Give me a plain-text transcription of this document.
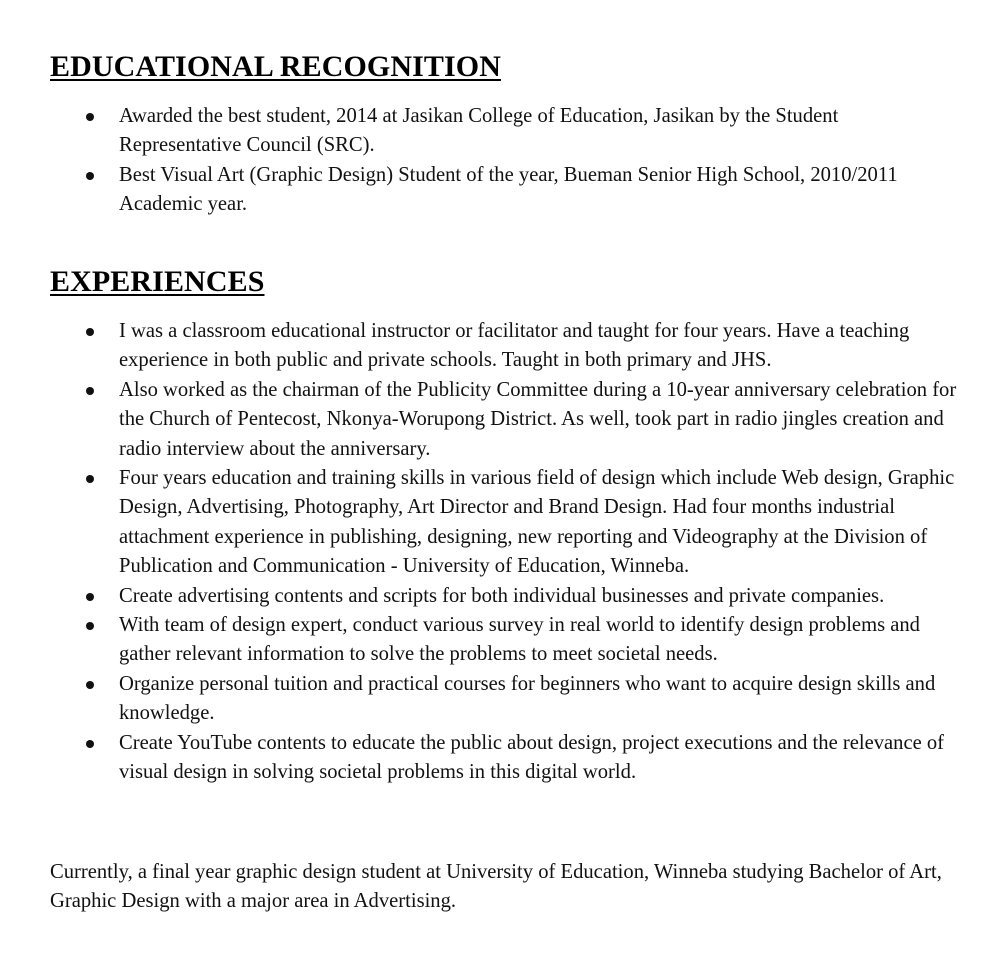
EDUCATIONAL RECOGNITION
Awarded the best student, 2014 at Jasikan College of Education, Jasikan by the Student Representative Council (SRC).
Best Visual Art (Graphic Design) Student of the year, Bueman Senior High School, 2010/2011 Academic year.
EXPERIENCES
I was a classroom educational instructor or facilitator and taught for four years. Have a teaching experience in both public and private schools. Taught in both primary and JHS.
Also worked as the chairman of the Publicity Committee during a 10-year anniversary celebration for the Church of Pentecost, Nkonya-Worupong District. As well, took part in radio jingles creation and radio interview about the anniversary.
Four years education and training skills in various field of design which include Web design, Graphic Design, Advertising, Photography, Art Director and Brand Design. Had four months industrial attachment experience in publishing, designing, new reporting and Videography at the Division of Publication and Communication - University of Education, Winneba.
Create advertising contents and scripts for both individual businesses and private companies.
With team of design expert, conduct various survey in real world to identify design problems and gather relevant information to solve the problems to meet societal needs.
Organize personal tuition and practical courses for beginners who want to acquire design skills and knowledge.
Create YouTube contents to educate the public about design, project executions and the relevance of visual design in solving societal problems in this digital world.

Currently, a final year graphic design student at University of Education, Winneba studying Bachelor of Art, Graphic Design with a major area in Advertising.
